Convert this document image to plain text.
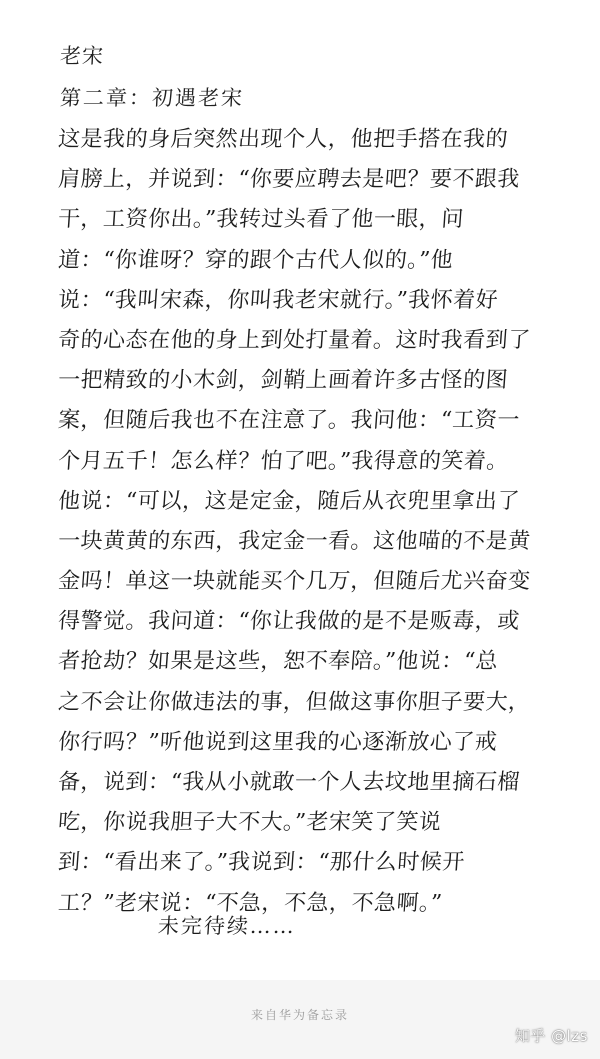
老宋
第二章：初遇老宋
这是我的身后突然出现个人，他把手搭在我的
肩膀上，并说到：“你要应聘去是吧？要不跟我
干，工资你出。”我转过头看了他一眼，问
道：“你谁呀？穿的跟个古代人似的。”他
说：“我叫宋森，你叫我老宋就行。”我怀着好
奇的心态在他的身上到处打量着。这时我看到了
一把精致的小木剑，剑鞘上画着许多古怪的图
案，但随后我也不在注意了。我问他：“工资一
个月五千！怎么样？怕了吧。”我得意的笑着。
他说：“可以，这是定金，随后从衣兜里拿出了
一块黄黄的东西，我定金一看。这他喵的不是黄
金吗！单这一块就能买个几万，但随后尤兴奋变
得警觉。我问道：“你让我做的是不是贩毒，或
者抢劫？如果是这些，恕不奉陪。”他说：“总
之不会让你做违法的事，但做这事你胆子要大，
你行吗？”听他说到这里我的心逐渐放心了戒
备，说到：“我从小就敢一个人去坟地里摘石榴
吃，你说我胆子大不大。”老宋笑了笑说
到：“看出来了。”我说到：“那什么时候开
工？”老宋说：“不急，不急，不急啊。”
未完待续……
来自华为备忘录
知乎 @lzs
